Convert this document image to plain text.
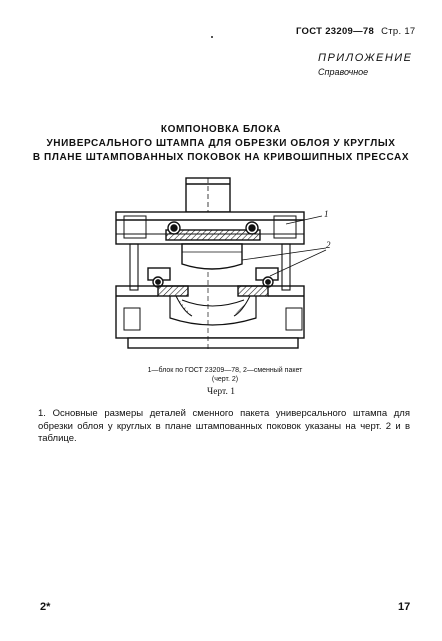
ГОСТ 23209—78 Стр. 17
ПРИЛОЖЕНИЕ
Справочное
КОМПОНОВКА БЛОКА
УНИВЕРСАЛЬНОГО ШТАМПА ДЛЯ ОБРЕЗКИ ОБЛОЯ У КРУГЛЫХ
В ПЛАНЕ ШТАМПОВАННЫХ ПОКОВОК НА КРИВОШИПНЫХ ПРЕССАХ
1
2
1—блок по ГОСТ 23209—78, 2—сменный пакет
(черт. 2)
Черт. 1
1. Основные размеры деталей сменного пакета универсального штампа для обрезки облоя у круглых в плане штампованных поковок указаны на черт. 2 и в таблице.
2*	17
